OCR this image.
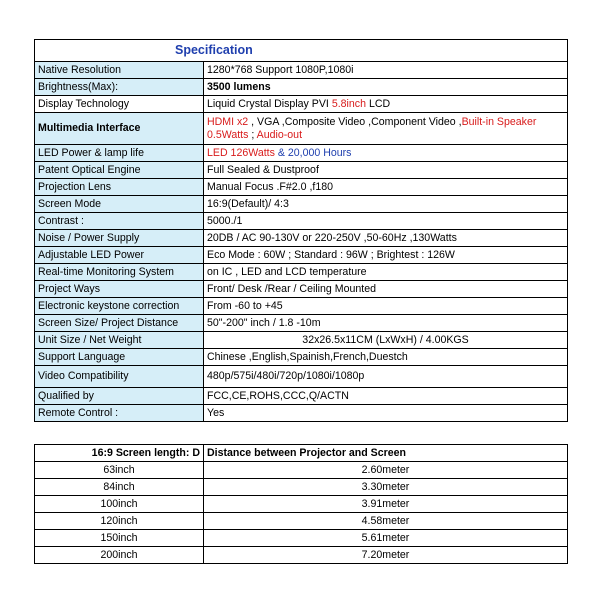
Specification	
Native Resolution	1280*768 Support 1080P,1080i
Brightness(Max):	3500 lumens
Display Technology	Liquid Crystal Display PVI 5.8inch LCD
Multimedia Interface	HDMI x2 , VGA ,Composite Video ,Component Video ,Built-in Speaker 0.5Watts ; Audio-out
LED Power & lamp life	LED 126Watts & 20,000 Hours
Patent Optical Engine	Full Sealed & Dustproof
Projection Lens	Manual Focus .F#2.0 ,f180
Screen Mode	16:9(Default)/ 4:3
Contrast :	5000./1
Noise / Power Supply	20DB / AC 90-130V or 220-250V ,50-60Hz ,130Watts
Adjustable LED Power	Eco Mode : 60W ; Standard : 96W ; Brightest : 126W
Real-time Monitoring System	on IC , LED and LCD temperature
Project Ways	Front/ Desk /Rear / Ceiling Mounted
Electronic keystone correction	From -60 to +45
Screen Size/ Project Distance	50"-200" inch / 1.8 -10m
Unit Size / Net Weight	32x26.5x11CM (LxWxH) / 4.00KGS
Support Language	Chinese ,English,Spainish,French,Duestch
Video Compatibility	480p/575i/480i/720p/1080i/1080p
Qualified by	FCC,CE,ROHS,CCC,Q/ACTN
Remote Control :	Yes
16:9 Screen length: D	Distance between Projector and Screen
63inch	2.60meter
84inch	3.30meter
100inch	3.91meter
120inch	4.58meter
150inch	5.61meter
200inch	7.20meter
